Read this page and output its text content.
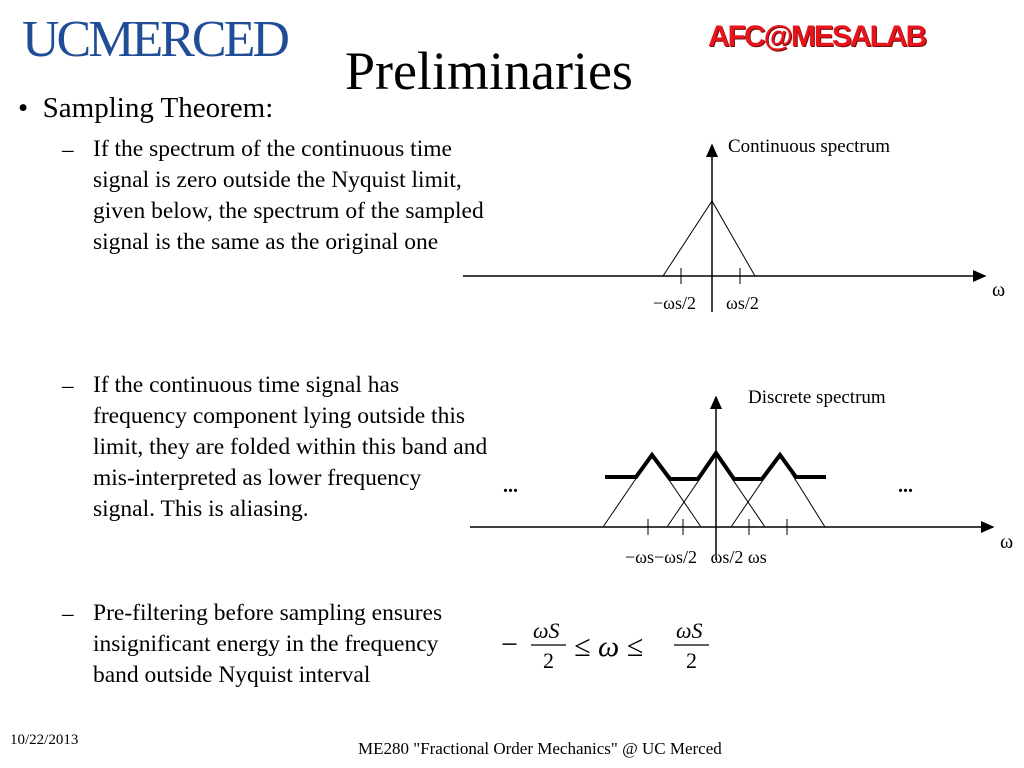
UCMERCED
Preliminaries
AFC@MESALAB
•  Sampling Theorem:
– If the spectrum of the continuous time signal is zero outside the Nyquist limit, given below, the spectrum of the sampled signal is the same as the original one
– If the continuous time signal has frequency component lying outside this limit, they are folded within this band and mis-interpreted as lower frequency signal. This is aliasing.
– Pre-filtering before sampling ensures insignificant energy in the frequency band outside Nyquist interval
Continuous spectrum
ω
−ωs/2 ωs/2
Discrete spectrum
ω
...	...
−ωs−ωs/2   ωs/2 ωs
− ωS
2 ≤ ω ≤ ωS
2
10/22/2013	ME280 "Fractional Order Mechanics" @ UC Merced
